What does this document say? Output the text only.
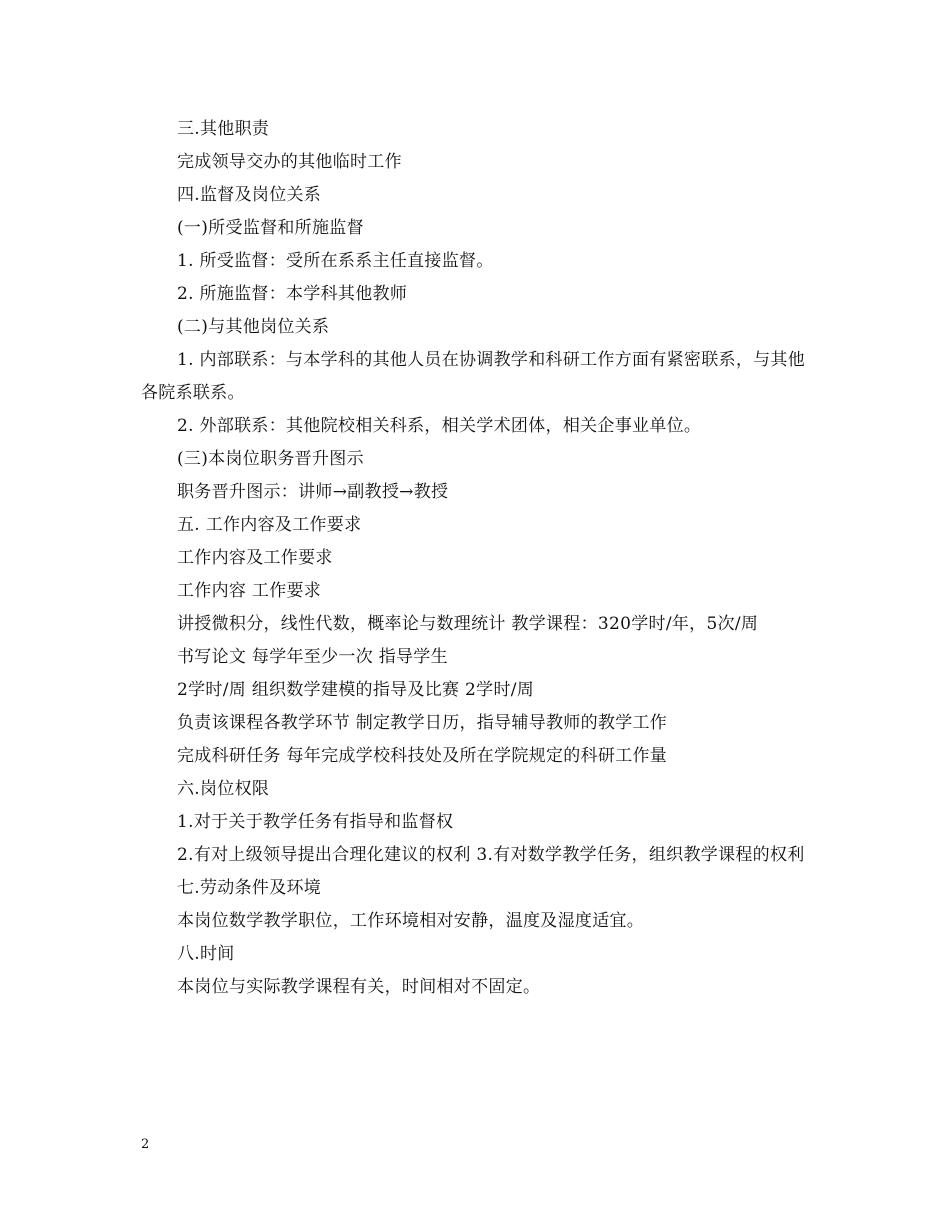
三.其他职责

完成领导交办的其他临时工作

四.监督及岗位关系

(一)所受监督和所施监督

1. 所受监督：受所在系系主任直接监督。

2. 所施监督：本学科其他教师

(二)与其他岗位关系

1. 内部联系：与本学科的其他人员在协调教学和科研工作方面有紧密联系，与其他各院系联系。

2. 外部联系：其他院校相关科系，相关学术团体，相关企事业单位。

(三)本岗位职务晋升图示

职务晋升图示：讲师→副教授→教授

五. 工作内容及工作要求

工作内容及工作要求

工作内容 工作要求

讲授微积分，线性代数，概率论与数理统计 教学课程：320学时/年，5次/周

书写论文 每学年至少一次 指导学生

2学时/周 组织数学建模的指导及比赛 2学时/周

负责该课程各教学环节 制定教学日历，指导辅导教师的教学工作

完成科研任务 每年完成学校科技处及所在学院规定的科研工作量

六.岗位权限

1.对于关于教学任务有指导和监督权

2.有对上级领导提出合理化建议的权利 3.有对数学教学任务，组织教学课程的权利

七.劳动条件及环境

本岗位数学教学职位，工作环境相对安静，温度及湿度适宜。

八.时间

本岗位与实际教学课程有关，时间相对不固定。

2
